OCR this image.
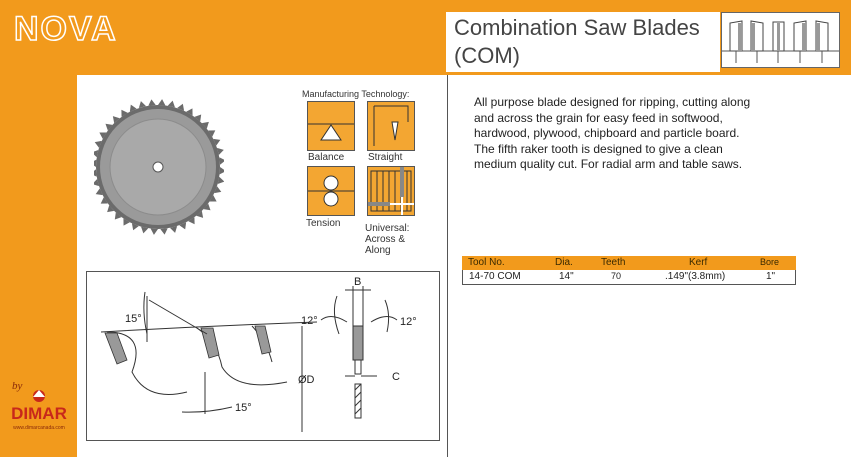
NOVA	Combination Saw Blades
(COM)
by
DIMAR
www.dimarcanada.com
Manufacturing Technology:
Balance Straight
Tension Universal:
Across &
Along
All purpose blade designed for ripping, cutting along and across the grain for easy feed in softwood, hardwood, plywood, chipboard and particle board. The fifth raker tooth is designed to give a clean medium quality cut. For radial arm and table saws.
Tool No.	Dia.	Teeth	Kerf	Bore
14-70 COM	14"	70	.149"(3.8mm)	1"
15°
15°
ØD
B
12°	12°
C
